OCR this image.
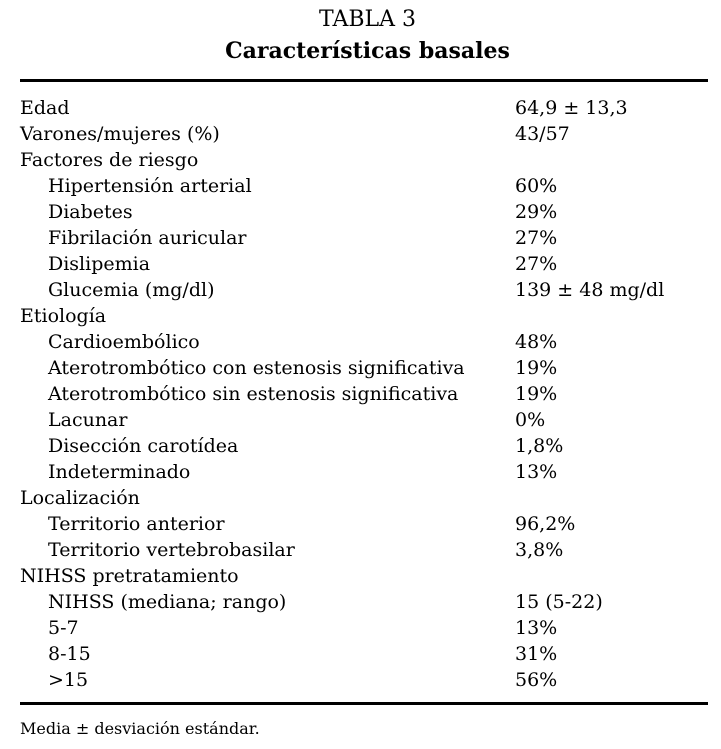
TABLA 3
Características basales
Edad	64,9 ± 13,3
Varones/mujeres (%)	43/57
Factores de riesgo
Hipertensión arterial	60%
Diabetes	29%
Fibrilación auricular	27%
Dislipemia	27%
Glucemia (mg/dl)	139 ± 48 mg/dl
Etiología
Cardioembólico	48%
Aterotrombótico con estenosis significativa	19%
Aterotrombótico sin estenosis significativa	19%
Lacunar	0%
Disección carotídea	1,8%
Indeterminado	13%
Localización
Territorio anterior	96,2%
Territorio vertebrobasilar	3,8%
NIHSS pretratamiento
NIHSS (mediana; rango)	15 (5-22)
5-7	13%
8-15	31%
>15	56%
Media ± desviación estándar.
